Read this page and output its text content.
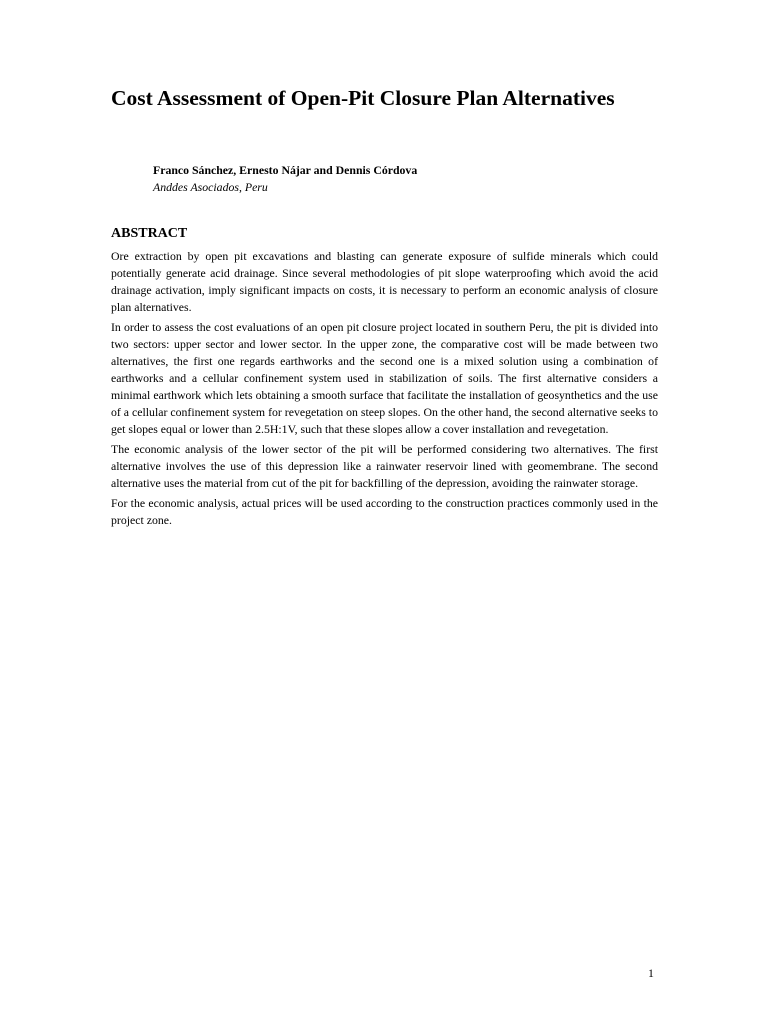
Cost Assessment of Open-Pit Closure Plan Alternatives

Franco Sánchez, Ernesto Nájar and Dennis Córdova

Anddes Asociados, Peru

ABSTRACT

Ore extraction by open pit excavations and blasting can generate exposure of sulfide minerals which could potentially generate acid drainage. Since several methodologies of pit slope waterproofing which avoid the acid drainage activation, imply significant impacts on costs, it is necessary to perform an economic analysis of closure plan alternatives.

In order to assess the cost evaluations of an open pit closure project located in southern Peru, the pit is divided into two sectors: upper sector and lower sector. In the upper zone, the comparative cost will be made between two alternatives, the first one regards earthworks and the second one is a mixed solution using a combination of earthworks and a cellular confinement system used in stabilization of soils. The first alternative considers a minimal earthwork which lets obtaining a smooth surface that facilitate the installation of geosynthetics and the use of a cellular confinement system for revegetation on steep slopes. On the other hand, the second alternative seeks to get slopes equal or lower than 2.5H:1V, such that these slopes allow a cover installation and revegetation.

The economic analysis of the lower sector of the pit will be performed considering two alternatives. The first alternative involves the use of this depression like a rainwater reservoir lined with geomembrane. The second alternative uses the material from cut of the pit for backfilling of the depression, avoiding the rainwater storage.

For the economic analysis, actual prices will be used according to the construction practices commonly used in the project zone.

1
